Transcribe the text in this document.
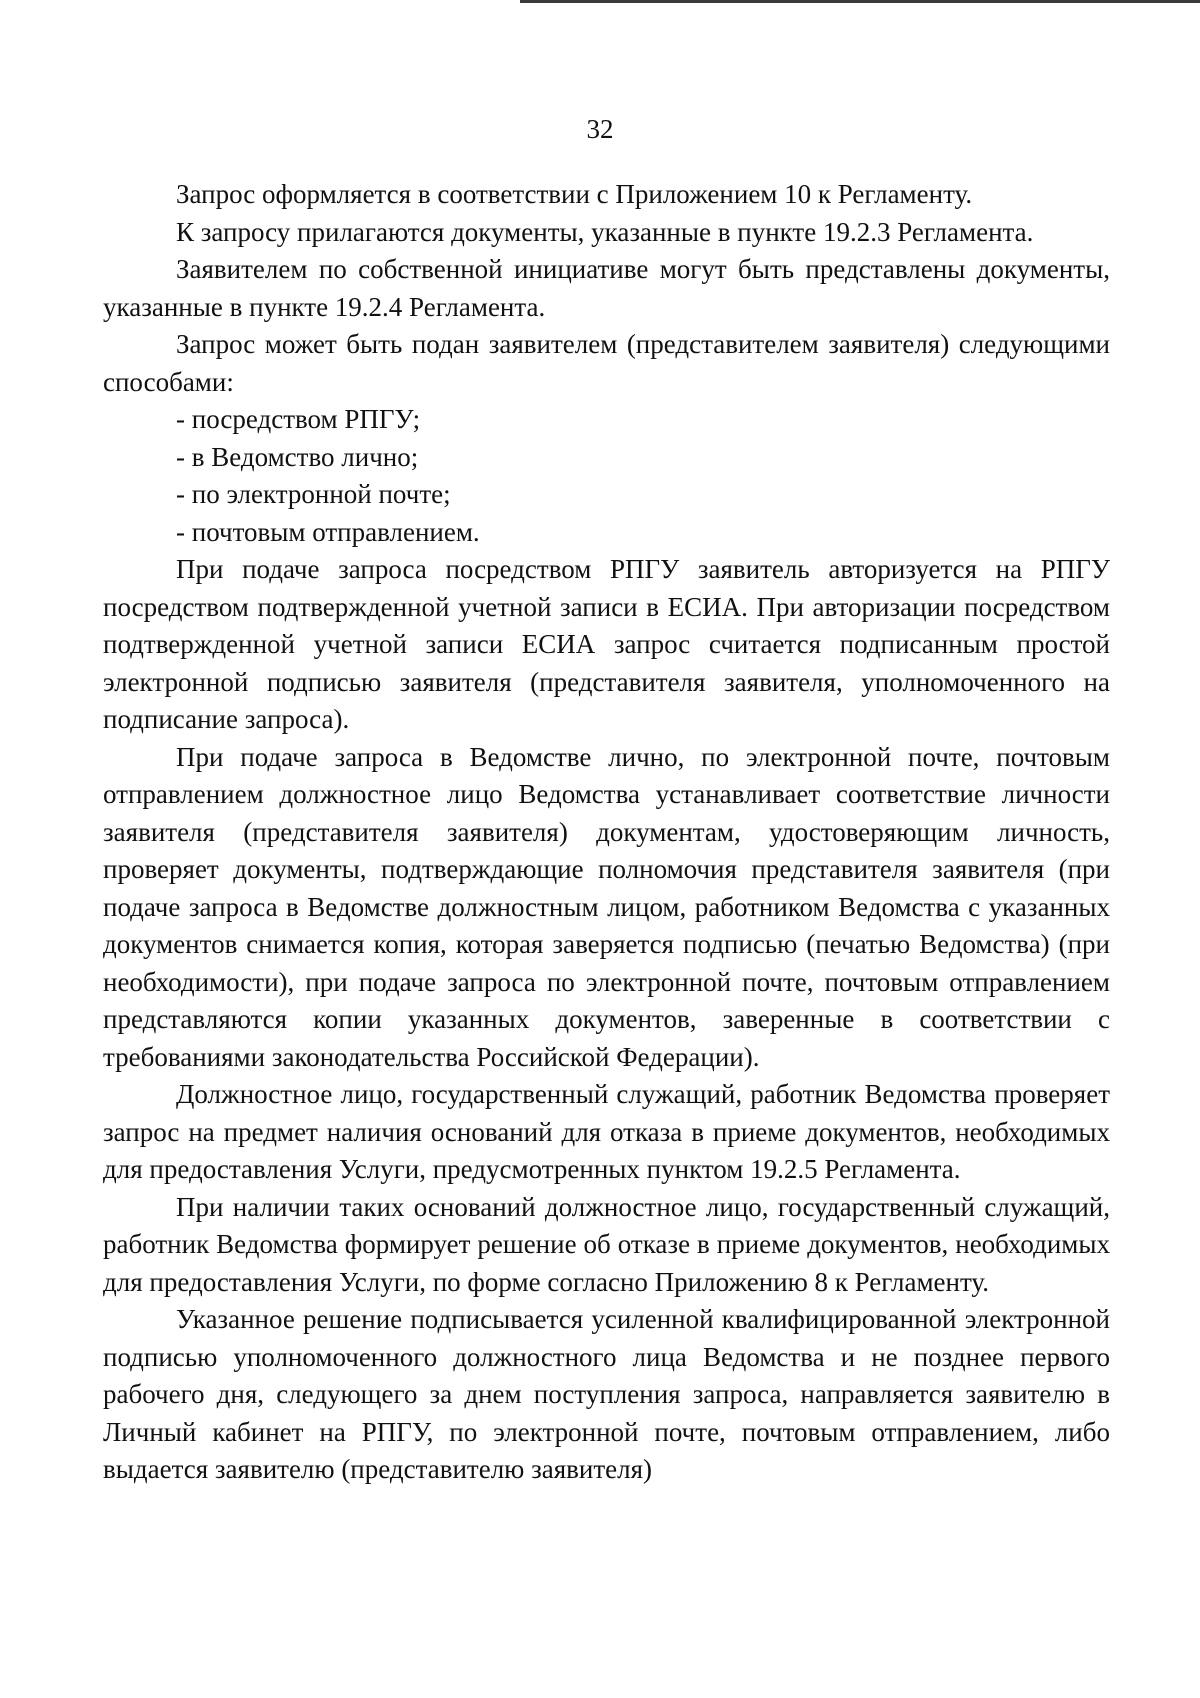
32

Запрос оформляется в соответствии с Приложением 10 к Регламенту.

К запросу прилагаются документы, указанные в пункте 19.2.3 Регламента.

Заявителем по собственной инициативе могут быть представлены документы, указанные в пункте 19.2.4 Регламента.

Запрос может быть подан заявителем (представителем заявителя) следующими способами:

- посредством РПГУ;

- в Ведомство лично;

- по электронной почте;

- почтовым отправлением.

При подаче запроса посредством РПГУ заявитель авторизуется на РПГУ посредством подтвержденной учетной записи в ЕСИА. При авторизации посредством подтвержденной учетной записи ЕСИА запрос считается подписанным простой электронной подписью заявителя (представителя заявителя, уполномоченного на подписание запроса).

При подаче запроса в Ведомстве лично, по электронной почте, почтовым отправлением должностное лицо Ведомства устанавливает соответствие личности заявителя (представителя заявителя) документам, удостоверяющим личность, проверяет документы, подтверждающие полномочия представителя заявителя (при подаче запроса в Ведомстве должностным лицом, работником Ведомства с указанных документов снимается копия, которая заверяется подписью (печатью Ведомства) (при необходимости), при подаче запроса по электронной почте, почтовым отправлением представляются копии указанных документов, заверенные в соответствии с требованиями законодательства Российской Федерации).

Должностное лицо, государственный служащий, работник Ведомства проверяет запрос на предмет наличия оснований для отказа в приеме документов, необходимых для предоставления Услуги, предусмотренных пунктом 19.2.5 Регламента.

При наличии таких оснований должностное лицо, государственный служащий, работник Ведомства формирует решение об отказе в приеме документов, необходимых для предоставления Услуги, по форме согласно Приложению 8 к Регламенту.

Указанное решение подписывается усиленной квалифицированной электронной подписью уполномоченного должностного лица Ведомства и не позднее первого рабочего дня, следующего за днем поступления запроса, направляется заявителю в Личный кабинет на РПГУ, по электронной почте, почтовым отправлением, либо выдается заявителю (представителю заявителя)
